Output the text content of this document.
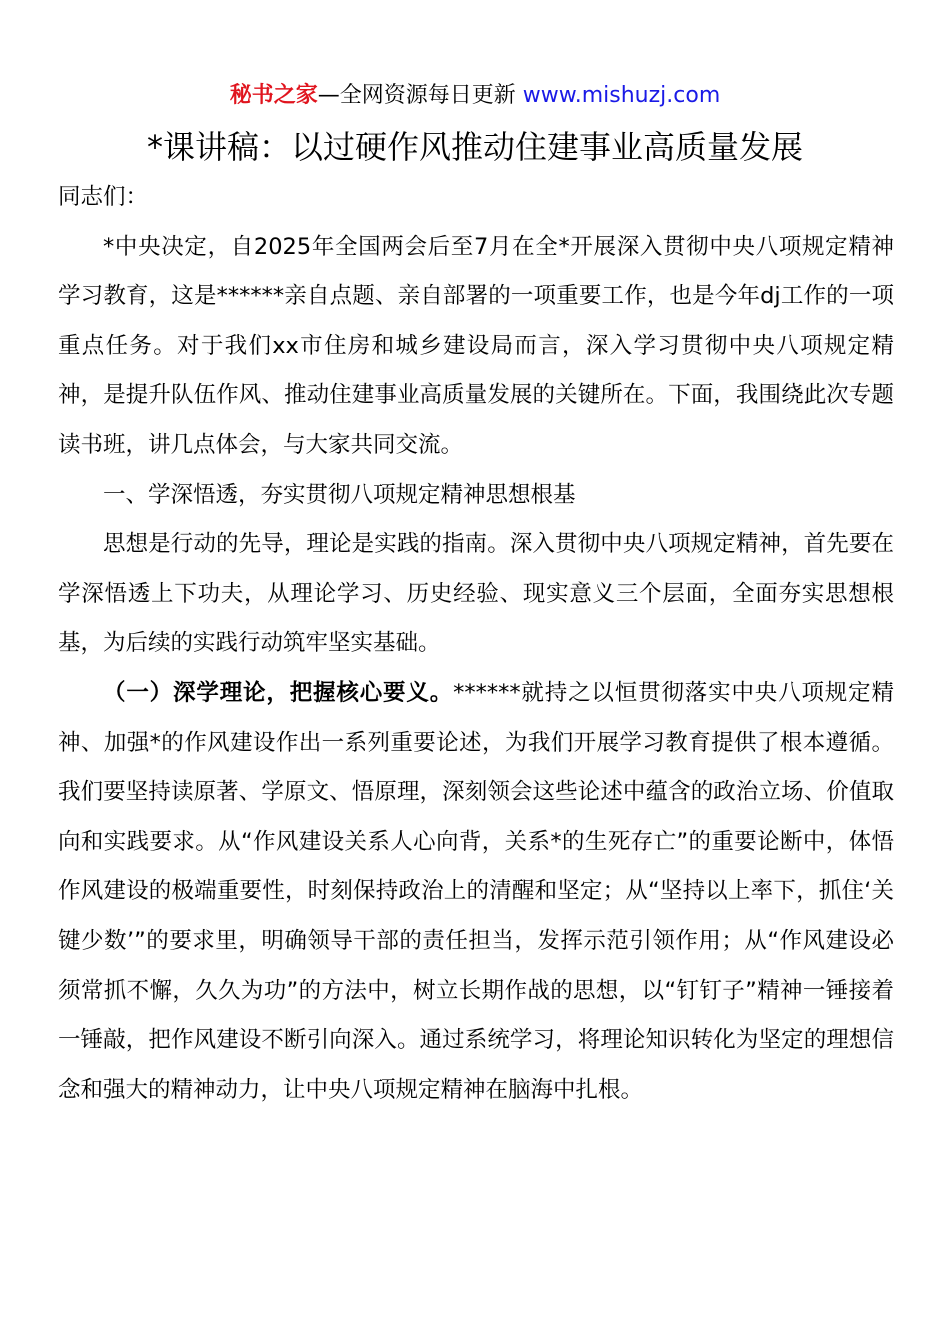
秘书之家—全网资源每日更新 www.mishuzj.com
*课讲稿：以过硬作风推动住建事业高质量发展

同志们：

*中央决定，自2025年全国两会后至7月在全*开展深入贯彻中央八项规定精神学习教育，这是******亲自点题、亲自部署的一项重要工作，也是今年dj工作的一项重点任务。对于我们xx市住房和城乡建设局而言，深入学习贯彻中央八项规定精神，是提升队伍作风、推动住建事业高质量发展的关键所在。下面，我围绕此次专题读书班，讲几点体会，与大家共同交流。

一、学深悟透，夯实贯彻八项规定精神思想根基

思想是行动的先导，理论是实践的指南。深入贯彻中央八项规定精神，首先要在学深悟透上下功夫，从理论学习、历史经验、现实意义三个层面，全面夯实思想根基，为后续的实践行动筑牢坚实基础。

（一）深学理论，把握核心要义。******就持之以恒贯彻落实中央八项规定精神、加强*的作风建设作出一系列重要论述，为我们开展学习教育提供了根本遵循。我们要坚持读原著、学原文、悟原理，深刻领会这些论述中蕴含的政治立场、价值取向和实践要求。从“作风建设关系人心向背，关系*的生死存亡”的重要论断中，体悟作风建设的极端重要性，时刻保持政治上的清醒和坚定；从“坚持以上率下，抓住‘关键少数’”的要求里，明确领导干部的责任担当，发挥示范引领作用；从“作风建设必须常抓不懈，久久为功”的方法中，树立长期作战的思想，以“钉钉子”精神一锤接着一锤敲，把作风建设不断引向深入。通过系统学习，将理论知识转化为坚定的理想信念和强大的精神动力，让中央八项规定精神在脑海中扎根。
